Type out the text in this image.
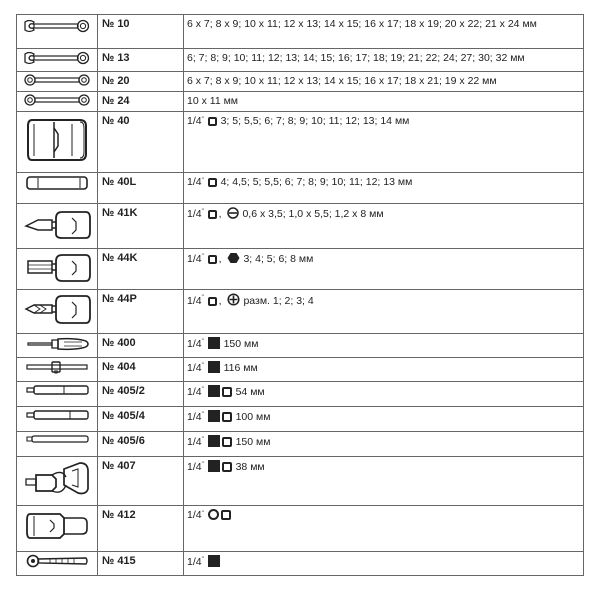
	№ 10	6 x 7; 8 x 9; 10 x 11; 12 x 13; 14 x 15; 16 x 17; 18 x 19; 20 x 22; 21 x 24 мм

	№ 13	6; 7; 8; 9; 10; 11; 12; 13; 14; 15; 16; 17; 18; 19; 21; 22; 24; 27; 30; 32 мм

	№ 20	6 x 7; 8 x 9; 10 x 11; 12 x 13; 14 x 15; 16 x 17; 18 x 21; 19 x 22 мм

	№ 24	10 x 11 мм

	№ 40	1/4" 3; 5; 5,5; 6; 7; 8; 9; 10; 11; 12; 13; 14 мм

	№ 40L	1/4" 4; 4,5; 5; 5,5; 6; 7; 8; 9; 10; 11; 12; 13 мм

	№ 41K	1/4" , 0,6 x 3,5; 1,0 x 5,5; 1,2 x 8 мм

	№ 44K	1/4" , 3; 4; 5; 6; 8 мм

	№ 44P	1/4" , разм. 1; 2; 3; 4

	№ 400	1/4" 150 мм

	№ 404	1/4" 116 мм

	№ 405/2	1/4" 54 мм

	№ 405/4	1/4" 100 мм

	№ 405/6	1/4" 150 мм

	№ 407	1/4" 38 мм

	№ 412	1/4"

	№ 415	1/4"
